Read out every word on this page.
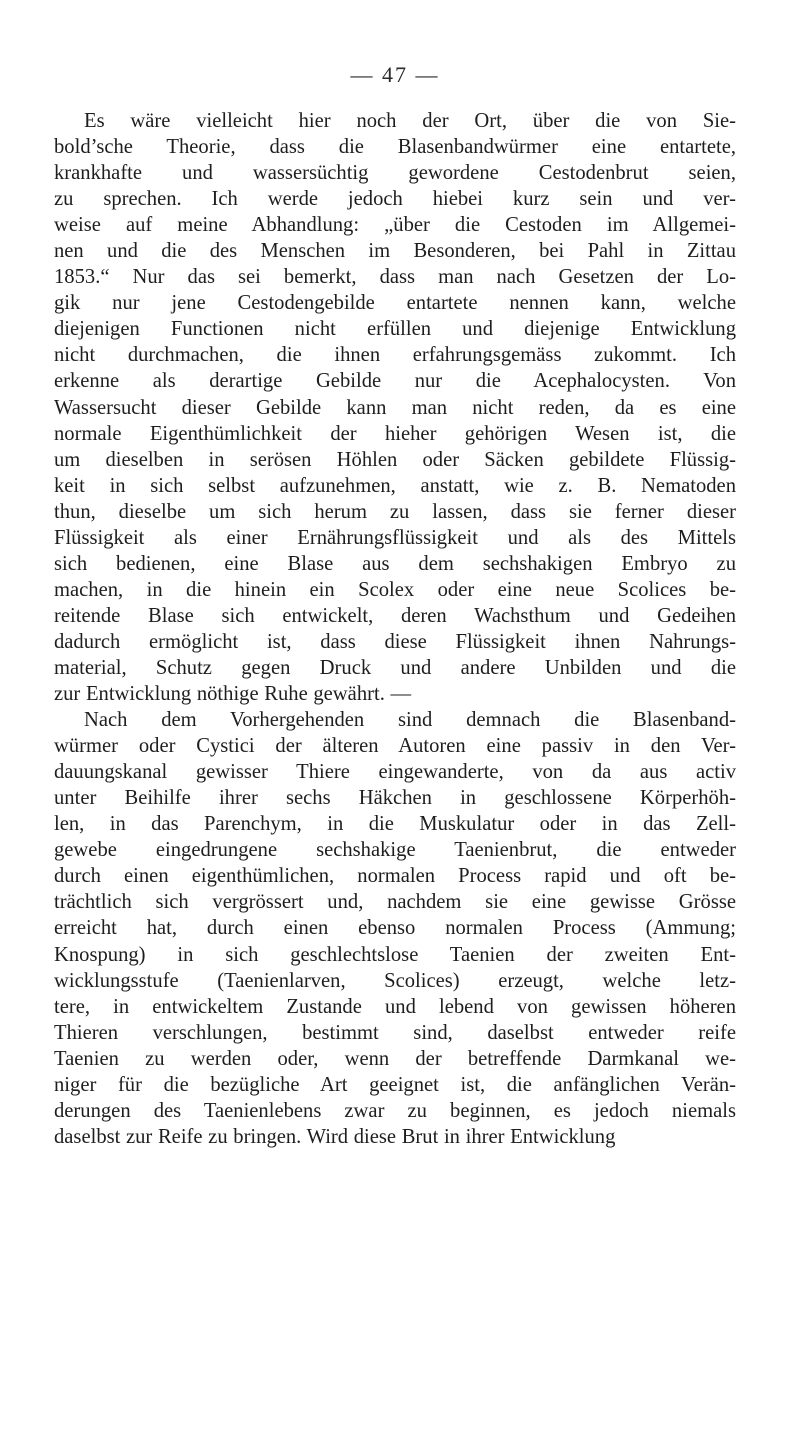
— 47 —
Es wäre vielleicht hier noch der Ort, über die von Sie-
bold’sche Theorie, dass die Blasenbandwürmer eine entartete,
krankhafte und wassersüchtig gewordene Cestodenbrut seien,
zu sprechen. Ich werde jedoch hiebei kurz sein und ver-
weise auf meine Abhandlung: „über die Cestoden im Allgemei-
nen und die des Menschen im Besonderen, bei Pahl in Zittau
1853.“ Nur das sei bemerkt, dass man nach Gesetzen der Lo-
gik nur jene Cestodengebilde entartete nennen kann, welche
diejenigen Functionen nicht erfüllen und diejenige Entwicklung
nicht durchmachen, die ihnen erfahrungsgemäss zukommt. Ich
erkenne als derartige Gebilde nur die Acephalocysten. Von
Wassersucht dieser Gebilde kann man nicht reden, da es eine
normale Eigenthümlichkeit der hieher gehörigen Wesen ist, die
um dieselben in serösen Höhlen oder Säcken gebildete Flüssig-
keit in sich selbst aufzunehmen, anstatt, wie z. B. Nematoden
thun, dieselbe um sich herum zu lassen, dass sie ferner dieser
Flüssigkeit als einer Ernährungsflüssigkeit und als des Mittels
sich bedienen, eine Blase aus dem sechshakigen Embryo zu
machen, in die hinein ein Scolex oder eine neue Scolices be-
reitende Blase sich entwickelt, deren Wachsthum und Gedeihen
dadurch ermöglicht ist, dass diese Flüssigkeit ihnen Nahrungs-
material, Schutz gegen Druck und andere Unbilden und die
zur Entwicklung nöthige Ruhe gewährt. —
Nach dem Vorhergehenden sind demnach die Blasenband-
würmer oder Cystici der älteren Autoren eine passiv in den Ver-
dauungskanal gewisser Thiere eingewanderte, von da aus activ
unter Beihilfe ihrer sechs Häkchen in geschlossene Körperhöh-
len, in das Parenchym, in die Muskulatur oder in das Zell-
gewebe eingedrungene sechshakige Taenienbrut, die entweder
durch einen eigenthümlichen, normalen Process rapid und oft be-
trächtlich sich vergrössert und, nachdem sie eine gewisse Grösse
erreicht hat, durch einen ebenso normalen Process (Ammung;
Knospung) in sich geschlechtslose Taenien der zweiten Ent-
wicklungsstufe (Taenienlarven, Scolices) erzeugt, welche letz-
tere, in entwickeltem Zustande und lebend von gewissen höheren
Thieren verschlungen, bestimmt sind, daselbst entweder reife
Taenien zu werden oder, wenn der betreffende Darmkanal we-
niger für die bezügliche Art geeignet ist, die anfänglichen Verän-
derungen des Taenienlebens zwar zu beginnen, es jedoch niemals
daselbst zur Reife zu bringen. Wird diese Brut in ihrer Entwicklung
